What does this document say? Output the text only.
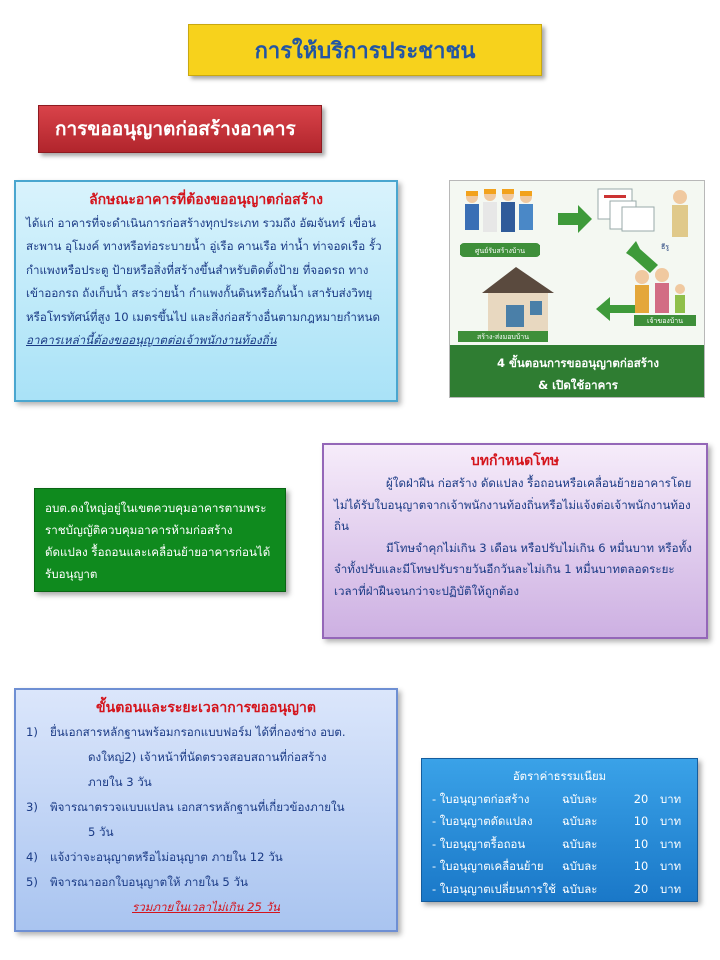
การให้บริการประชาชน
การขออนุญาตก่อสร้างอาคาร
ลักษณะอาคารที่ต้องขออนุญาตก่อสร้าง
ได้แก่ อาคารที่จะดำเนินการก่อสร้างทุกประเภท รวมถึง อัฒจันทร์ เขื่อน สะพาน อุโมงค์ ทางหรือท่อระบายน้ำ อู่เรือ คานเรือ ท่าน้ำ ท่าจอดเรือ รั้ว กำแพงหรือประตู ป้ายหรือสิ่งที่สร้างขึ้นสำหรับติดตั้งป้าย ที่จอดรถ ทางเข้าออกรถ ถังเก็บน้ำ สระว่ายน้ำ กำแพงกั้นดินหรือกั้นน้ำ เสารับส่งวิทยุหรือโทรทัศน์ที่สูง 10 เมตรขึ้นไป และสิ่งก่อสร้างอื่นตามกฎหมายกำหนด อาคารเหล่านี้ต้องขออนุญาตต่อเจ้าพนักงานท้องถิ่น
ศูนย์รับสร้างบ้าน	ธีรู
สร้าง-ส่งมอบบ้าน
เจ้าของบ้าน
4 ขั้นตอนการขออนุญาตก่อสร้าง
& เปิดใช้อาคาร
อบต.ดงใหญ่อยู่ในเขตควบคุมอาคารตามพระราชบัญญัติควบคุมอาคารห้ามก่อสร้าง ดัดแปลง รื้อถอนและเคลื่อนย้ายอาคารก่อนได้รับอนุญาต
บทกำหนดโทษ
ผู้ใดฝ่าฝืน ก่อสร้าง ดัดแปลง รื้อถอนหรือเคลื่อนย้ายอาคารโดยไม่ได้รับใบอนุญาตจากเจ้าพนักงานท้องถิ่นหรือไม่แจ้งต่อเจ้าพนักงานท้องถิ่น
มีโทษจำคุกไม่เกิน 3 เดือน หรือปรับไม่เกิน 6 หมื่นบาท หรือทั้งจำทั้งปรับและมีโทษปรับรายวันอีกวันละไม่เกิน 1 หมื่นบาทตลอดระยะเวลาที่ฝ่าฝืนจนกว่าจะปฏิบัติให้ถูกต้อง
ขั้นตอนและระยะเวลาการขออนุญาต
1)	ยื่นเอกสารหลักฐานพร้อมกรอกแบบฟอร์ม ได้ที่กองช่าง อบต.
ดงใหญ่2) เจ้าหน้าที่นัดตรวจสอบสถานที่ก่อสร้าง
ภายใน 3 วัน
3)	พิจารณาตรวจแบบแปลน เอกสารหลักฐานที่เกี่ยวข้องภายใน
5 วัน
4)	แจ้งว่าจะอนุญาตหรือไม่อนุญาต ภายใน 12 วัน
5)	พิจารณาออกใบอนุญาตให้ ภายใน 5 วัน
รวมภายในเวลาไม่เกิน 25 วัน
อัตราค่าธรรมเนียม
- ใบอนุญาตก่อสร้าง	ฉบับละ	20	บาท
- ใบอนุญาตดัดแปลง	ฉบับละ	10	บาท
- ใบอนุญาตรื้อถอน	ฉบับละ	10	บาท
- ใบอนุญาตเคลื่อนย้าย	ฉบับละ	10	บาท
- ใบอนุญาตเปลี่ยนการใช้ ฉบับละ	20	บาท
